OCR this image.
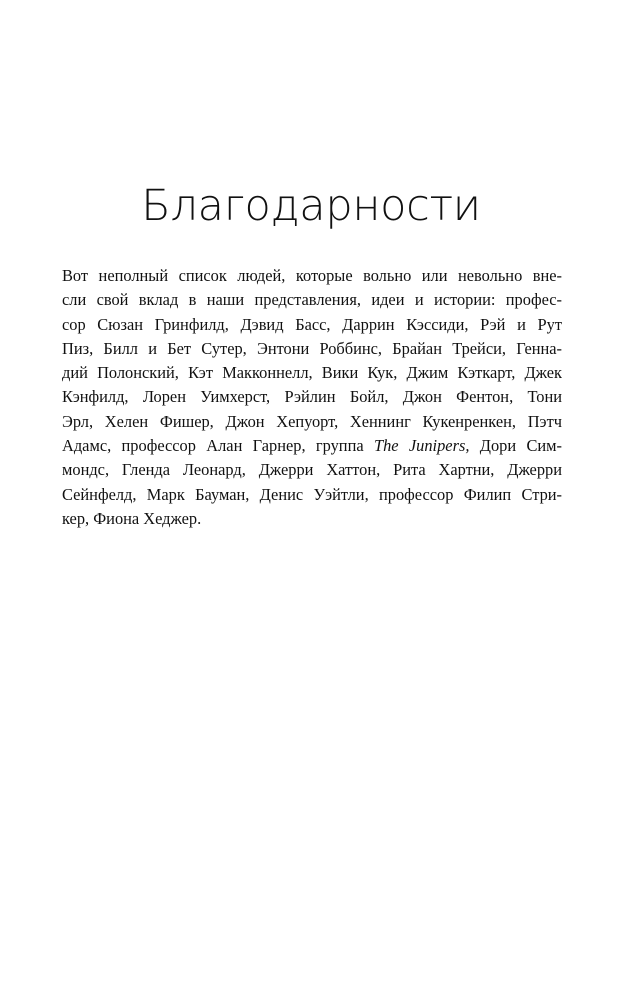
Благодарности
Вот неполный список людей, которые вольно или невольно вне-
сли свой вклад в наши представления, идеи и истории: профес-
сор Сюзан Гринфилд, Дэвид Басс, Даррин Кэссиди, Рэй и Рут
Пиз, Билл и Бет Сутер, Энтони Роббинс, Брайан Трейси, Генна-
дий Полонский, Кэт Макконнелл, Вики Кук, Джим Кэткарт, Джек
Кэнфилд, Лорен Уимхерст, Рэйлин Бойл, Джон Фентон, Тони
Эрл, Хелен Фишер, Джон Хепуорт, Хеннинг Кукенренкен, Пэтч
Адамс, профессор Алан Гарнер, группа The Junipers, Дори Сим-
мондс, Гленда Леонард, Джерри Хаттон, Рита Хартни, Джерри
Сейнфелд, Марк Бауман, Денис Уэйтли, профессор Филип Стри-
кер, Фиона Хеджер.
